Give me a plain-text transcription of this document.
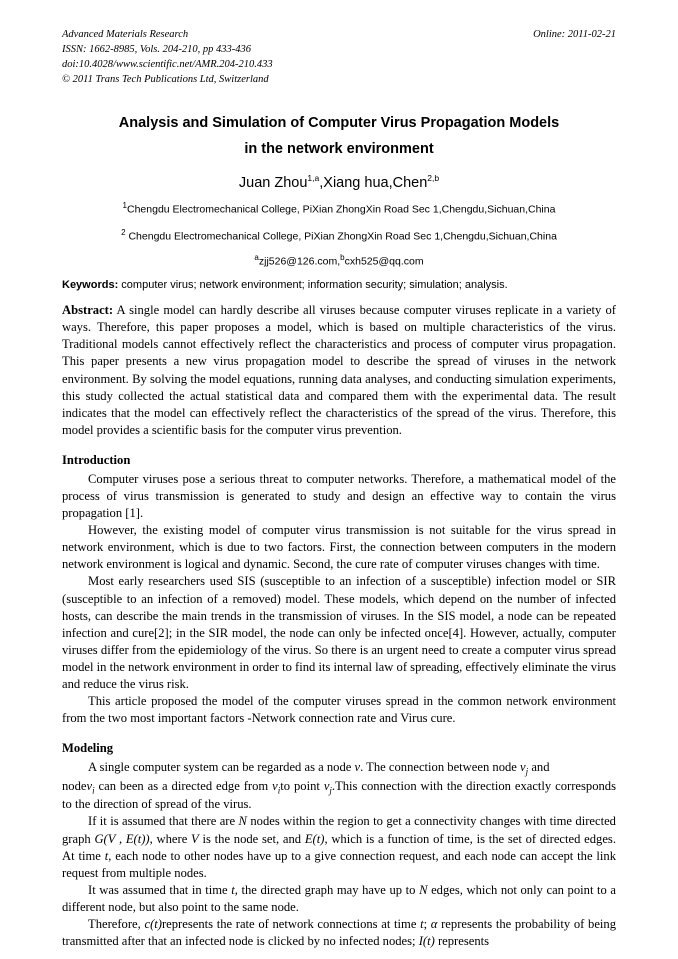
Advanced Materials Research
ISSN: 1662-8985, Vols. 204-210, pp 433-436
doi:10.4028/www.scientific.net/AMR.204-210.433
© 2011 Trans Tech Publications Ltd, Switzerland
Online: 2011-02-21
Analysis and Simulation of Computer Virus Propagation Models
in the network environment
Juan Zhou$^{1,a}$,Xiang hua,Chen$^{2,b}$
$^1$Chengdu Electromechanical College, PiXian ZhongXin Road Sec 1,Chengdu,Sichuan,China
$^2$ Chengdu Electromechanical College, PiXian ZhongXin Road Sec 1,Chengdu,Sichuan,China
$^a$zjj526@126.com,$^b$cxh525@qq.com
Keywords: computer virus; network environment; information security; simulation; analysis.
Abstract: A single model can hardly describe all viruses because computer viruses replicate in a variety of ways. Therefore, this paper proposes a model, which is based on multiple characteristics of the virus. Traditional models cannot effectively reflect the characteristics and process of computer virus propagation. This paper presents a new virus propagation model to describe the spread of viruses in the network environment. By solving the model equations, running data analyses, and conducting simulation experiments, this study collected the actual statistical data and compared them with the experimental data. The result indicates that the model can effectively reflect the characteristics of the spread of the virus. Therefore, this model provides a scientific basis for the computer virus prevention.
Introduction

Computer viruses pose a serious threat to computer networks. Therefore, a mathematical model of the process of virus transmission is generated to study and design an effective way to contain the virus propagation [1].

However, the existing model of computer virus transmission is not suitable for the virus spread in network environment, which is due to two factors. First, the connection between computers in the modern network environment is logical and dynamic. Second, the cure rate of computer viruses changes with time.

Most early researchers used SIS (susceptible to an infection of a susceptible) infection model or SIR (susceptible to an infection of a removed) model. These models, which depend on the number of infected hosts, can describe the main trends in the transmission of viruses. In the SIS model, a node can be repeated infection and cure[2]; in the SIR model, the node can only be infected once[4]. However, actually, computer viruses differ from the epidemiology of the virus. So there is an urgent need to create a computer virus spread model in the network environment in order to find its internal law of spreading, effectively eliminate the virus and reduce the virus risk.

This article proposed the model of the computer viruses spread in the common network environment from the two most important factors -Network connection rate and Virus cure.

Modeling

A single computer system can be regarded as a node v. The connection between node $v_j$ and

nodev$_i$ can been as a directed edge from $v_ito$ point $v_j.This$ connection with the direction exactly corresponds to the direction of spread of the virus.

If it is assumed that there are N nodes within the region to get a connectivity changes with time directed graph G(V , E(t)), where V is the node set, and E(t), which is a function of time, is the set of directed edges. At time t, each node to other nodes have up to a give connection request, and each node can accept the link request from multiple nodes.

It was assumed that in time t, the directed graph may have up to N edges, which not only can point to a different node, but also point to the same node.

Therefore, c(t)represents the rate of network connections at time t; α represents the probability of being transmitted after that an infected node is clicked by no infected nodes; I(t) represents
